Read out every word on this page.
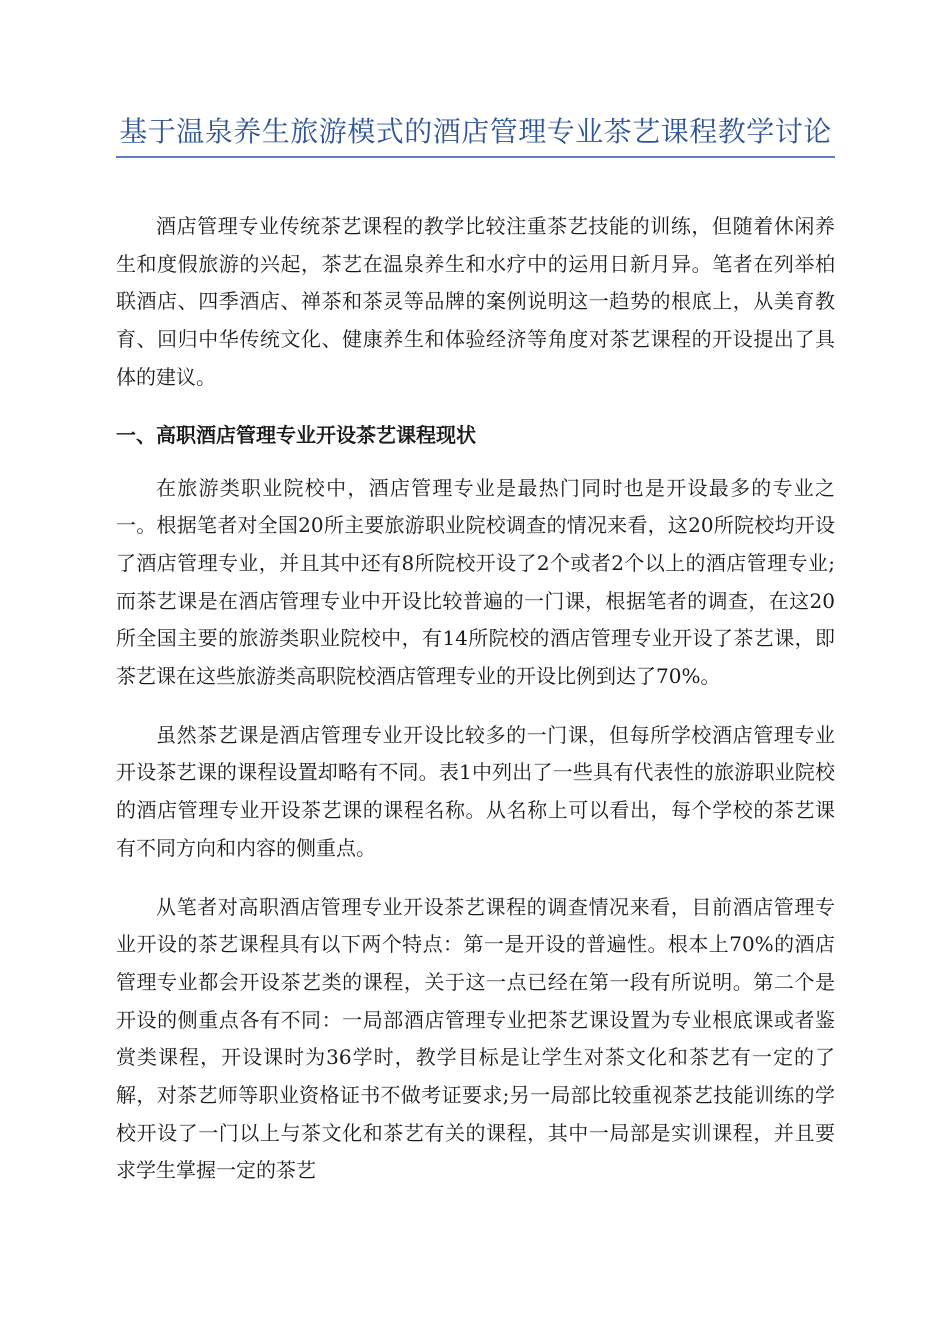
基于温泉养生旅游模式的酒店管理专业茶艺课程教学讨论

酒店管理专业传统茶艺课程的教学比较注重茶艺技能的训练，但随着休闲养生和度假旅游的兴起，茶艺在温泉养生和水疗中的运用日新月异。笔者在列举柏联酒店、四季酒店、禅茶和茶灵等品牌的案例说明这一趋势的根底上，从美育教育、回归中华传统文化、健康养生和体验经济等角度对茶艺课程的开设提出了具体的建议。

一、高职酒店管理专业开设茶艺课程现状

在旅游类职业院校中，酒店管理专业是最热门同时也是开设最多的专业之一。根据笔者对全国20所主要旅游职业院校调查的情况来看，这20所院校均开设了酒店管理专业，并且其中还有8所院校开设了2个或者2个以上的酒店管理专业;而茶艺课是在酒店管理专业中开设比较普遍的一门课，根据笔者的调查，在这20所全国主要的旅游类职业院校中，有14所院校的酒店管理专业开设了茶艺课，即茶艺课在这些旅游类高职院校酒店管理专业的开设比例到达了70%。

虽然茶艺课是酒店管理专业开设比较多的一门课，但每所学校酒店管理专业开设茶艺课的课程设置却略有不同。表1中列出了一些具有代表性的旅游职业院校的酒店管理专业开设茶艺课的课程名称。从名称上可以看出，每个学校的茶艺课有不同方向和内容的侧重点。

从笔者对高职酒店管理专业开设茶艺课程的调查情况来看，目前酒店管理专业开设的茶艺课程具有以下两个特点：第一是开设的普遍性。根本上70%的酒店管理专业都会开设茶艺类的课程，关于这一点已经在第一段有所说明。第二个是开设的侧重点各有不同：一局部酒店管理专业把茶艺课设置为专业根底课或者鉴赏类课程，开设课时为36学时，教学目标是让学生对茶文化和茶艺有一定的了解，对茶艺师等职业资格证书不做考证要求;另一局部比较重视茶艺技能训练的学校开设了一门以上与茶文化和茶艺有关的课程，其中一局部是实训课程，并且要求学生掌握一定的茶艺
